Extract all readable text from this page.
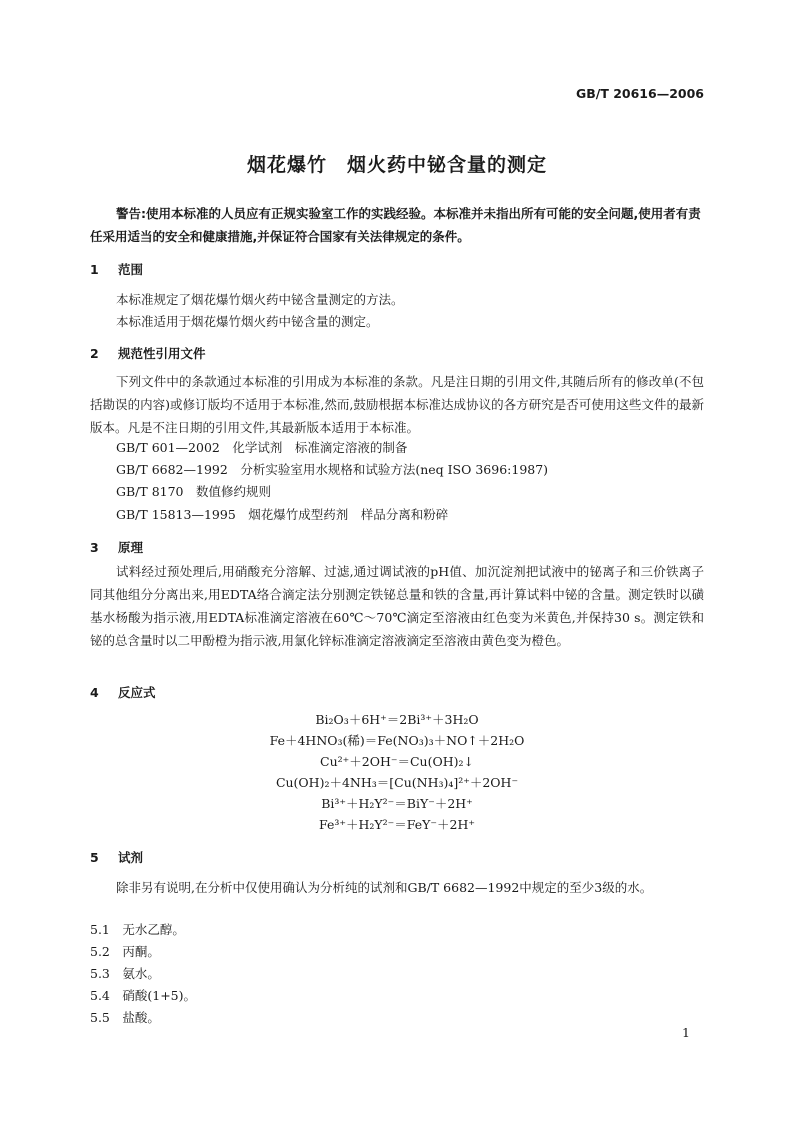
GB/T 20616—2006
烟花爆竹　烟火药中铋含量的测定
警告:使用本标准的人员应有正规实验室工作的实践经验。本标准并未指出所有可能的安全问题,使用者有责任采用适当的安全和健康措施,并保证符合国家有关法律规定的条件。
1 范围
本标准规定了烟花爆竹烟火药中铋含量测定的方法。
本标准适用于烟花爆竹烟火药中铋含量的测定。
2 规范性引用文件
下列文件中的条款通过本标准的引用成为本标准的条款。凡是注日期的引用文件,其随后所有的修改单(不包括勘误的内容)或修订版均不适用于本标准,然而,鼓励根据本标准达成协议的各方研究是否可使用这些文件的最新版本。凡是不注日期的引用文件,其最新版本适用于本标准。
GB/T 601—2002　化学试剂　标准滴定溶液的制备
GB/T 6682—1992　分析实验室用水规格和试验方法(neq ISO 3696:1987)
GB/T 8170　数值修约规则
GB/T 15813—1995　烟花爆竹成型药剂　样品分离和粉碎
3 原理
试料经过预处理后,用硝酸充分溶解、过滤,通过调试液的pH值、加沉淀剂把试液中的铋离子和三价铁离子同其他组分分离出来,用EDTA络合滴定法分别测定铁铋总量和铁的含量,再计算试料中铋的含量。测定铁时以磺基水杨酸为指示液,用EDTA标准滴定溶液在60℃～70℃滴定至溶液由红色变为米黄色,并保持30 s。测定铁和铋的总含量时以二甲酚橙为指示液,用氯化锌标准滴定溶液滴定至溶液由黄色变为橙色。
4 反应式
Bi₂O₃＋6H⁺＝2Bi³⁺＋3H₂O
Fe＋4HNO₃(稀)＝Fe(NO₃)₃＋NO↑＋2H₂O
Cu²⁺＋2OH⁻＝Cu(OH)₂↓
Cu(OH)₂＋4NH₃＝[Cu(NH₃)₄]²⁺＋2OH⁻
Bi³⁺＋H₂Y²⁻＝BiY⁻＋2H⁺
Fe³⁺＋H₂Y²⁻＝FeY⁻＋2H⁺
5 试剂
除非另有说明,在分析中仅使用确认为分析纯的试剂和GB/T 6682—1992中规定的至少3级的水。
5.1　无水乙醇。
5.2　丙酮。
5.3　氨水。
5.4　硝酸(1+5)。
5.5　盐酸。
1
